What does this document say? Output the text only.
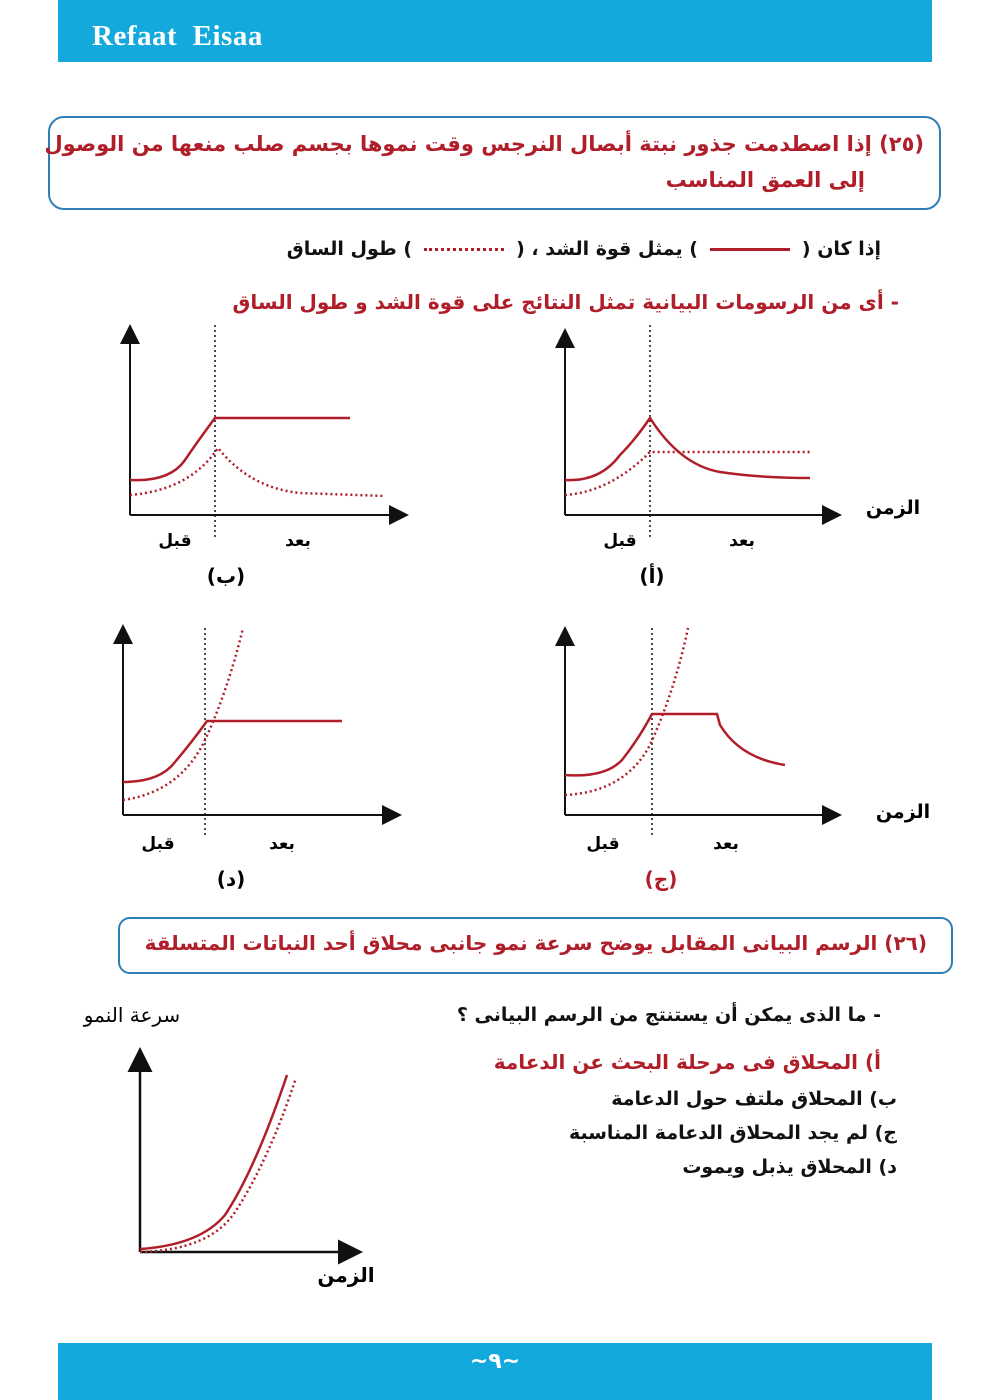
Refaat  Eisaa
(٢٥) إذا اصطدمت جذور نبتة أبصال النرجس وقت نموها بجسم صلب منعها من الوصول
إلى العمق المناسب
إذا كان () يمثل قوة الشد ، () طول الساق
- أى من الرسومات البيانية تمثل النتائج على قوة الشد و طول الساق
قبل	بعد
الزمن
(أ)
قبل	بعد
(ب)
قبل	بعد
الزمن
(ج)
قبل	بعد
(د)
(٢٦) الرسم البيانى المقابل يوضح سرعة نمو جانبى محلاق أحد النباتات المتسلقة
- ما الذى يمكن أن يستنتج من الرسم البيانى ؟
أ) المحلاق فى مرحلة البحث عن الدعامة
ب) المحلاق ملتف حول الدعامة
ج) لم يجد المحلاق الدعامة المناسبة
د) المحلاق يذبل ويموت
سرعة النمو
الزمن
~٩~
